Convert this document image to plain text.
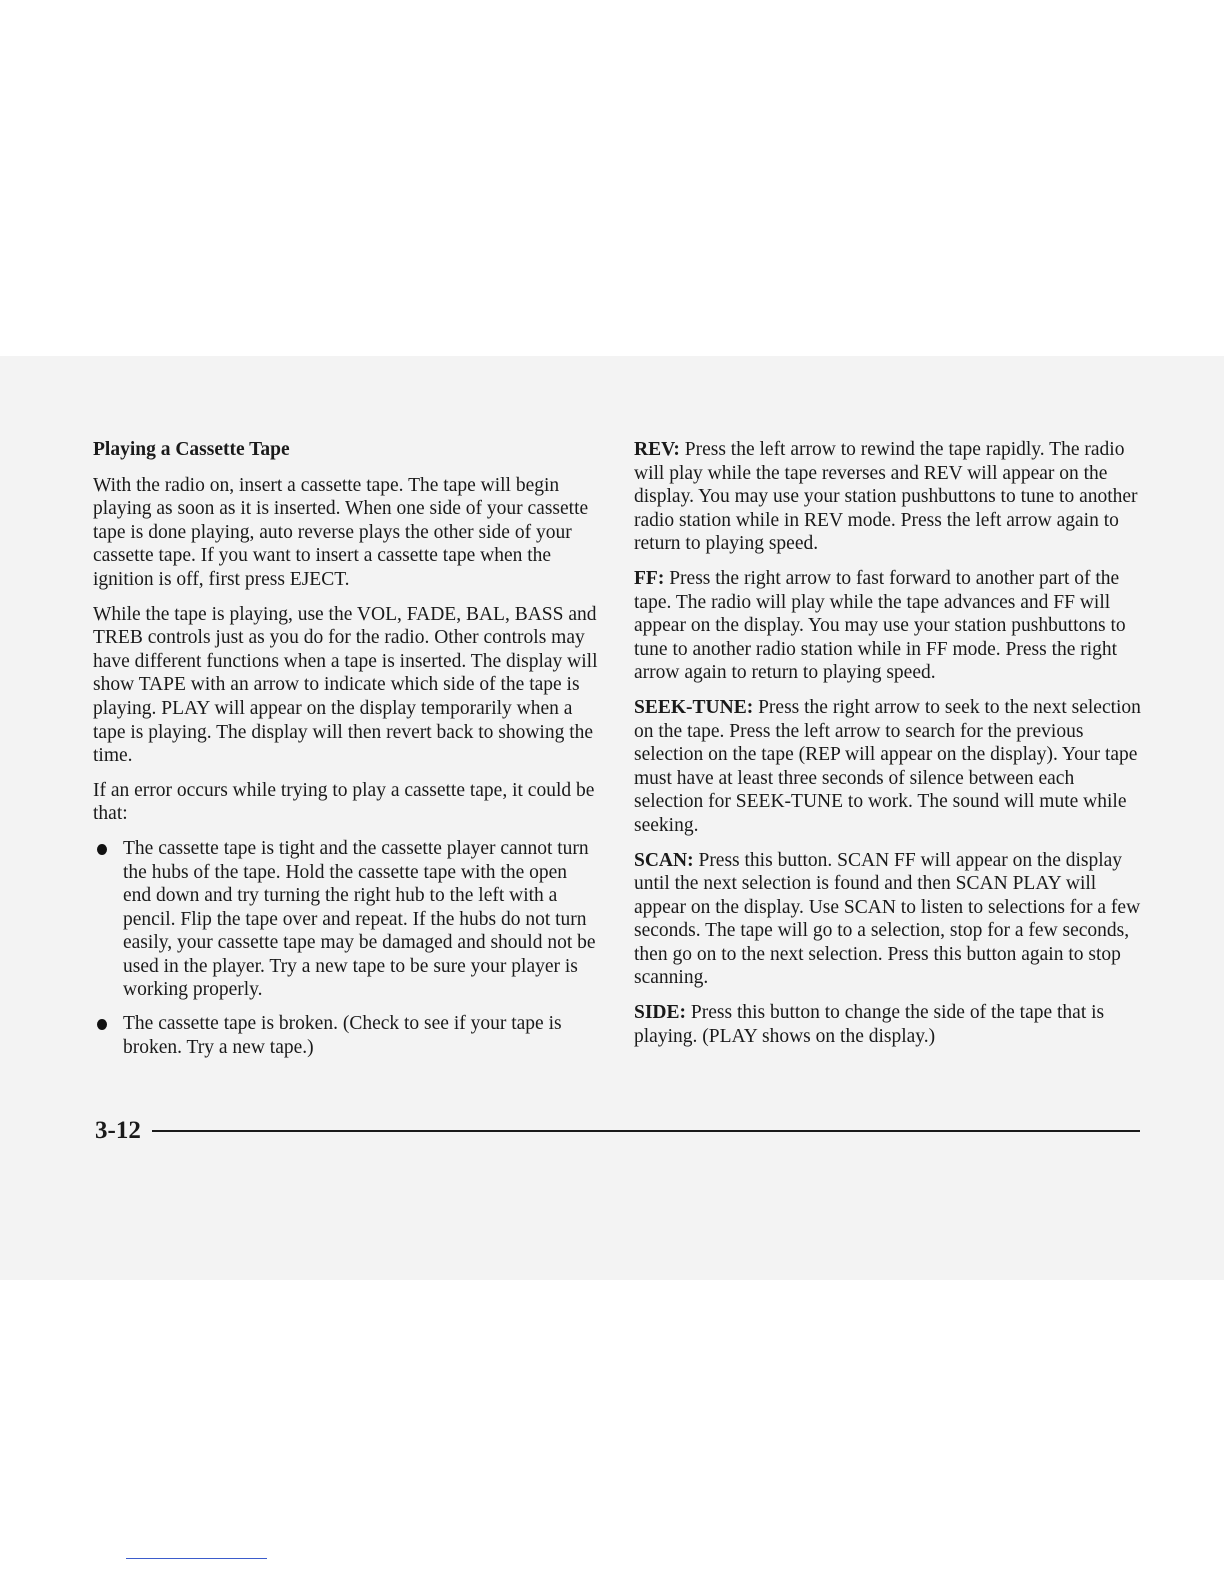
Playing a Cassette Tape

With the radio on, insert a cassette tape. The tape will begin playing as soon as it is inserted. When one side of your cassette tape is done playing, auto reverse plays the other side of your cassette tape. If you want to insert a cassette tape when the ignition is off, first press EJECT.

While the tape is playing, use the VOL, FADE, BAL, BASS and TREB controls just as you do for the radio. Other controls may have different functions when a tape is inserted. The display will show TAPE with an arrow to indicate which side of the tape is playing. PLAY will appear on the display temporarily when a tape is playing. The display will then revert back to showing the time.

If an error occurs while trying to play a cassette tape, it could be that:

The cassette tape is tight and the cassette player cannot turn the hubs of the tape. Hold the cassette tape with the open end down and try turning the right hub to the left with a pencil. Flip the tape over and repeat. If the hubs do not turn easily, your cassette tape may be damaged and should not be used in the player. Try a new tape to be sure your player is working properly.
The cassette tape is broken. (Check to see if your tape is broken. Try a new tape.)

REV: Press the left arrow to rewind the tape rapidly. The radio will play while the tape reverses and REV will appear on the display. You may use your station pushbuttons to tune to another radio station while in REV mode. Press the left arrow again to return to playing speed.

FF: Press the right arrow to fast forward to another part of the tape. The radio will play while the tape advances and FF will appear on the display. You may use your station pushbuttons to tune to another radio station while in FF mode. Press the right arrow again to return to playing speed.

SEEK-TUNE: Press the right arrow to seek to the next selection on the tape. Press the left arrow to search for the previous selection on the tape (REP will appear on the display). Your tape must have at least three seconds of silence between each selection for SEEK-TUNE to work. The sound will mute while seeking.

SCAN: Press this button. SCAN FF will appear on the display until the next selection is found and then SCAN PLAY will appear on the display. Use SCAN to listen to selections for a few seconds. The tape will go to a selection, stop for a few seconds, then go on to the next selection. Press this button again to stop scanning.

SIDE: Press this button to change the side of the tape that is playing. (PLAY shows on the display.)

3-12
